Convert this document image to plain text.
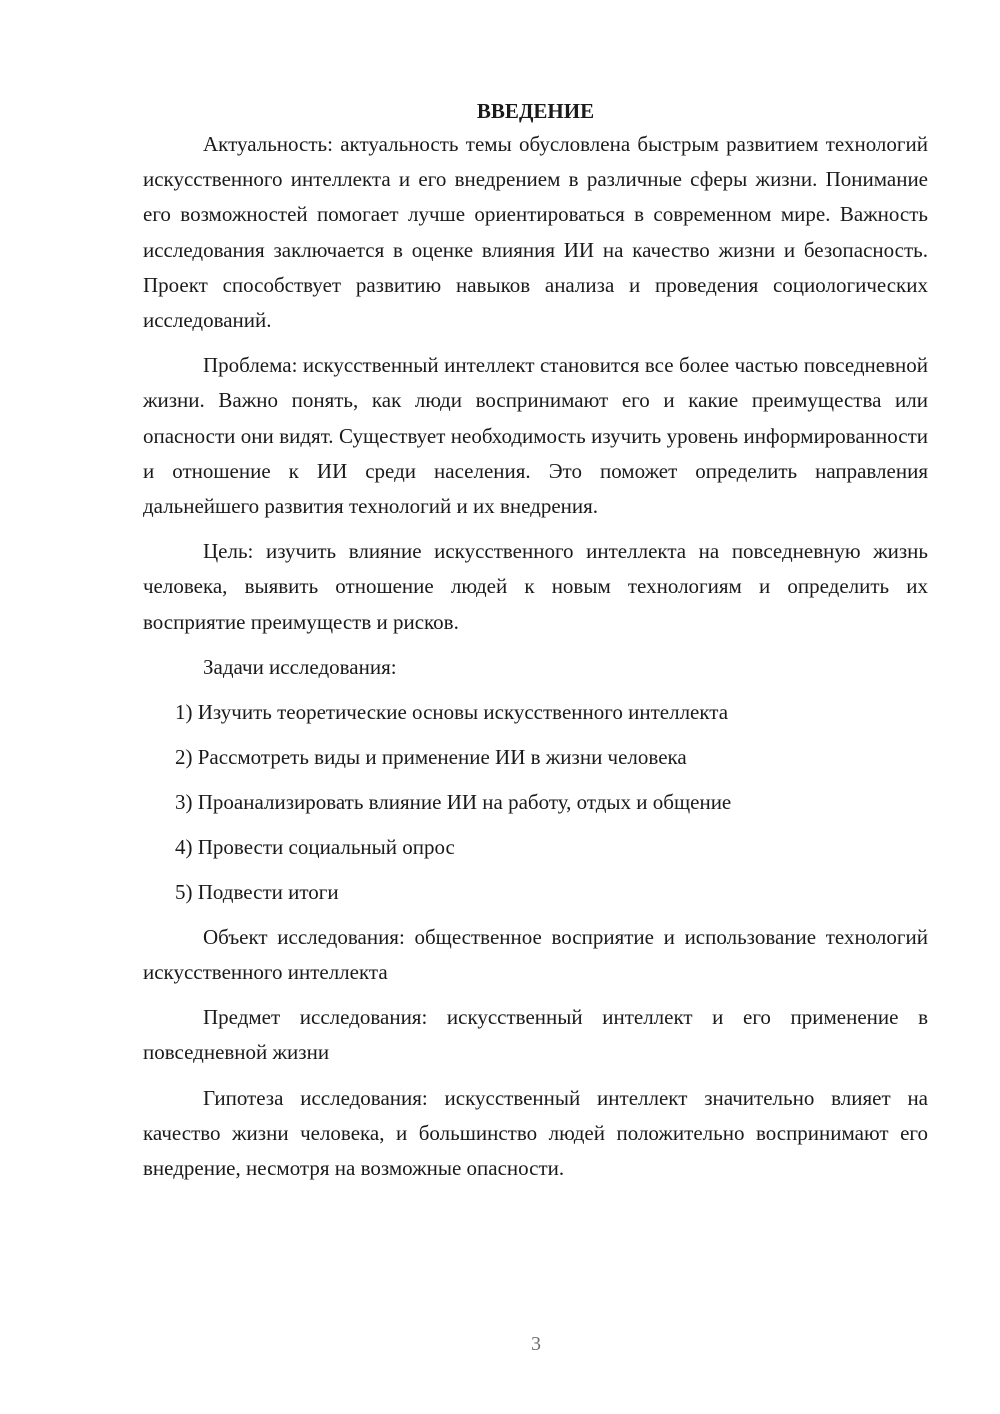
ВВЕДЕНИЕ

Актуальность: актуальность темы обусловлена быстрым развитием технологий искусственного интеллекта и его внедрением в различные сферы жизни. Понимание его возможностей помогает лучше ориентироваться в современном мире. Важность исследования заключается в оценке влияния ИИ на качество жизни и безопасность. Проект способствует развитию навыков анализа и проведения социологических исследований.

Проблема: искусственный интеллект становится все более частью повседневной жизни. Важно понять, как люди воспринимают его и какие преимущества или опасности они видят. Существует необходимость изучить уровень информированности и отношение к ИИ среди населения. Это поможет определить направления дальнейшего развития технологий и их внедрения.

Цель: изучить влияние искусственного интеллекта на повседневную жизнь человека, выявить отношение людей к новым технологиям и определить их восприятие преимуществ и рисков.

Задачи исследования:
1) Изучить теоретические основы искусственного интеллекта
2) Рассмотреть виды и применение ИИ в жизни человека
3) Проанализировать влияние ИИ на работу, отдых и общение
4) Провести социальный опрос
5) Подвести итоги

Объект исследования: общественное восприятие и использование технологий искусственного интеллекта

Предмет исследования: искусственный интеллект и его применение в повседневной жизни

Гипотеза исследования: искусственный интеллект значительно влияет на качество жизни человека, и большинство людей положительно воспринимают его внедрение, несмотря на возможные опасности.

3
